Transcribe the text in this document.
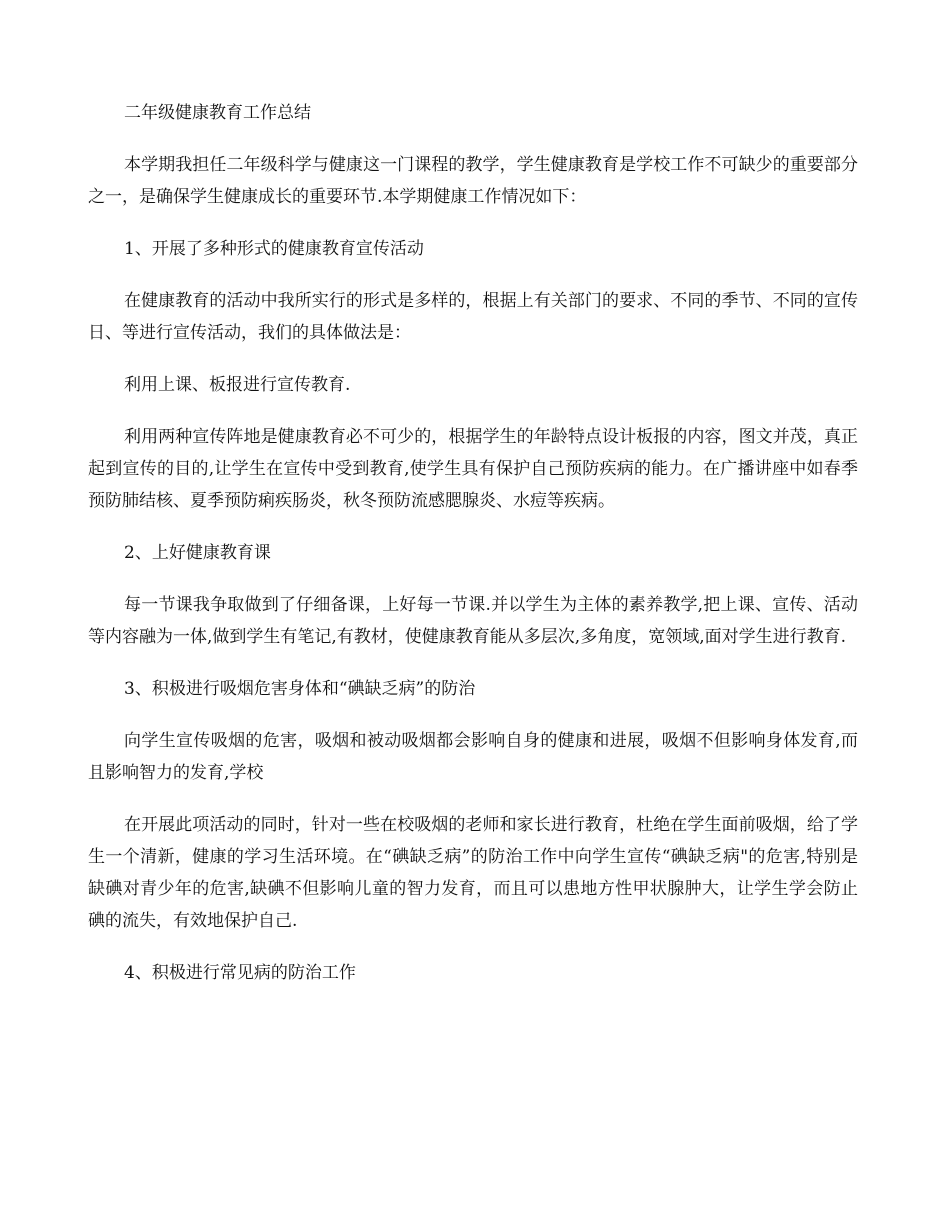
二年级健康教育工作总结

本学期我担任二年级科学与健康这一门课程的教学，学生健康教育是学校工作不可缺少的重要部分之一，是确保学生健康成长的重要环节.本学期健康工作情况如下：

1、开展了多种形式的健康教育宣传活动

在健康教育的活动中我所实行的形式是多样的，根据上有关部门的要求、不同的季节、不同的宣传日、等进行宣传活动，我们的具体做法是：

利用上课、板报进行宣传教育.

利用两种宣传阵地是健康教育必不可少的，根据学生的年龄特点设计板报的内容，图文并茂，真正起到宣传的目的,让学生在宣传中受到教育,使学生具有保护自己预防疾病的能力。在广播讲座中如春季预防肺结核、夏季预防痢疾肠炎，秋冬预防流感腮腺炎、水痘等疾病。

2、上好健康教育课

每一节课我争取做到了仔细备课，上好每一节课.并以学生为主体的素养教学,把上课、宣传、活动等内容融为一体,做到学生有笔记,有教材，使健康教育能从多层次,多角度，宽领域,面对学生进行教育.

3、积极进行吸烟危害身体和“碘缺乏病”的防治

向学生宣传吸烟的危害，吸烟和被动吸烟都会影响自身的健康和进展，吸烟不但影响身体发育,而且影响智力的发育,学校

在开展此项活动的同时，针对一些在校吸烟的老师和家长进行教育，杜绝在学生面前吸烟，给了学生一个清新，健康的学习生活环境。在“碘缺乏病”的防治工作中向学生宣传“碘缺乏病"的危害,特别是缺碘对青少年的危害,缺碘不但影响儿童的智力发育，而且可以患地方性甲状腺肿大，让学生学会防止碘的流失，有效地保护自己.

4、积极进行常见病的防治工作
